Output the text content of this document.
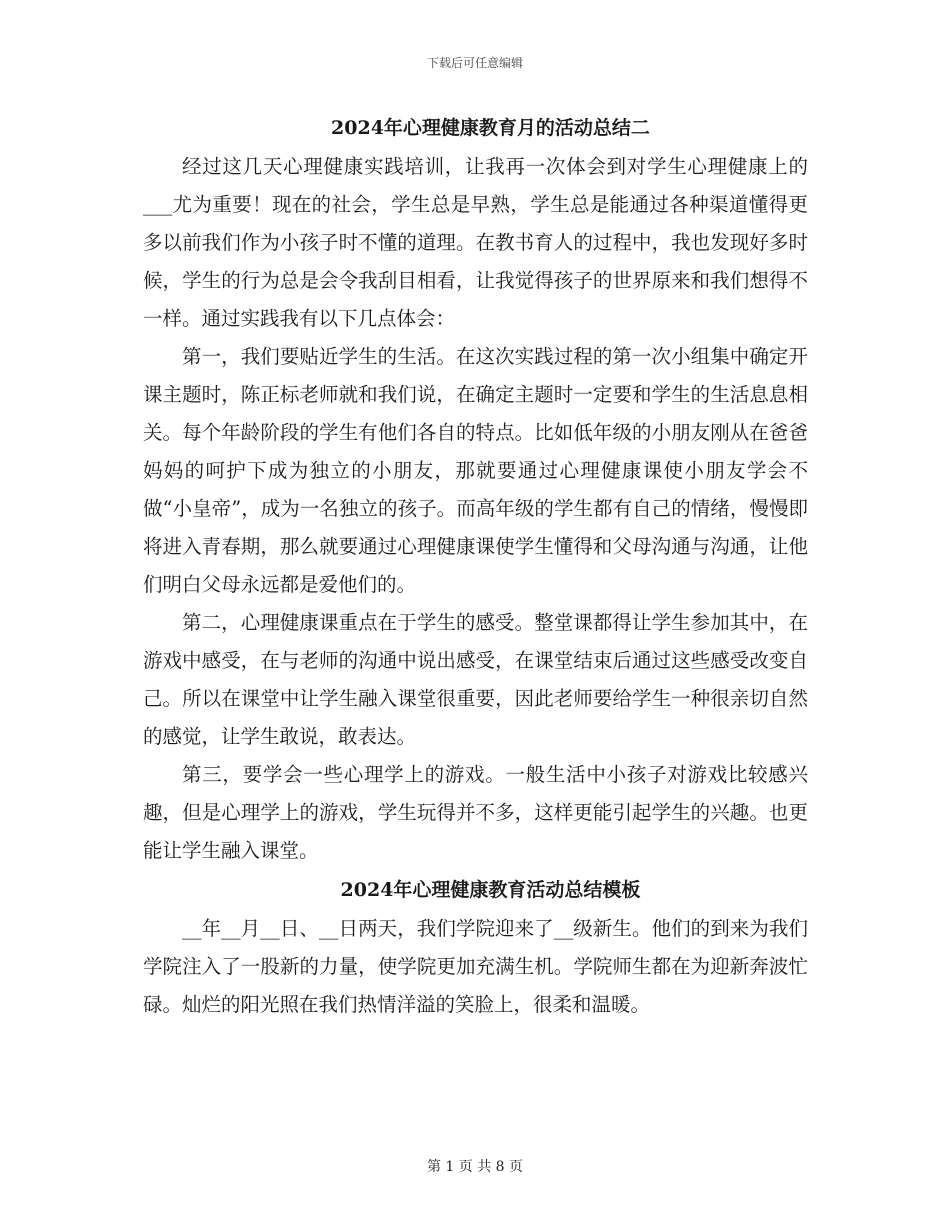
下载后可任意编辑
2024年心理健康教育月的活动总结二

经过这几天心理健康实践培训，让我再一次体会到对学生心理健康上的___尤为重要！现在的社会，学生总是早熟，学生总是能通过各种渠道懂得更多以前我们作为小孩子时不懂的道理。在教书育人的过程中，我也发现好多时候，学生的行为总是会令我刮目相看，让我觉得孩子的世界原来和我们想得不一样。通过实践我有以下几点体会：

第一，我们要贴近学生的生活。在这次实践过程的第一次小组集中确定开课主题时，陈正标老师就和我们说，在确定主题时一定要和学生的生活息息相关。每个年龄阶段的学生有他们各自的特点。比如低年级的小朋友刚从在爸爸妈妈的呵护下成为独立的小朋友，那就要通过心理健康课使小朋友学会不做“小皇帝”，成为一名独立的孩子。而高年级的学生都有自己的情绪，慢慢即将进入青春期，那么就要通过心理健康课使学生懂得和父母沟通与沟通，让他们明白父母永远都是爱他们的。

第二，心理健康课重点在于学生的感受。整堂课都得让学生参加其中，在游戏中感受，在与老师的沟通中说出感受，在课堂结束后通过这些感受改变自己。所以在课堂中让学生融入课堂很重要，因此老师要给学生一种很亲切自然的感觉，让学生敢说，敢表达。

第三，要学会一些心理学上的游戏。一般生活中小孩子对游戏比较感兴趣，但是心理学上的游戏，学生玩得并不多，这样更能引起学生的兴趣。也更能让学生融入课堂。

2024年心理健康教育活动总结模板

__年__月__日、__日两天，我们学院迎来了__级新生。他们的到来为我们学院注入了一股新的力量，使学院更加充满生机。学院师生都在为迎新奔波忙碌。灿烂的阳光照在我们热情洋溢的笑脸上，很柔和温暖。

第 1 页 共 8 页
